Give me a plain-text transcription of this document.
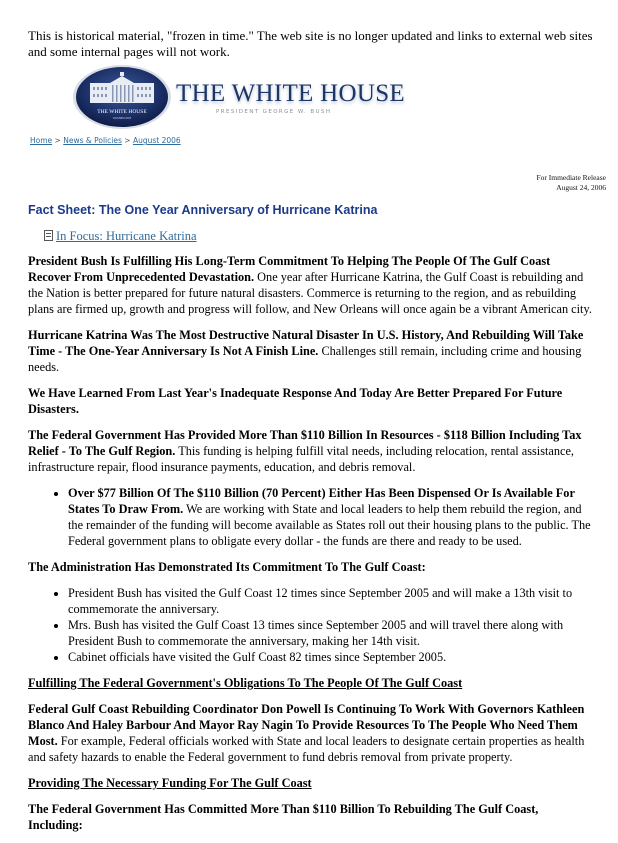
This is historical material, "frozen in time." The web site is no longer updated and links to external web sites and some internal pages will not work.
THE WHITE HOUSE
WASHINGTON
THE WHITE HOUSE
PRESIDENT GEORGE W. BUSH
Home > News & Policies > August 2006
For Immediate Release
August 24, 2006
Fact Sheet: The One Year Anniversary of Hurricane Katrina
In Focus: Hurricane Katrina

President Bush Is Fulfilling His Long-Term Commitment To Helping The People Of The Gulf Coast Recover From Unprecedented Devastation. One year after Hurricane Katrina, the Gulf Coast is rebuilding and the Nation is better prepared for future natural disasters. Commerce is returning to the region, and as rebuilding plans are firmed up, growth and progress will follow, and New Orleans will once again be a vibrant American city.

Hurricane Katrina Was The Most Destructive Natural Disaster In U.S. History, And Rebuilding Will Take Time - The One-Year Anniversary Is Not A Finish Line. Challenges still remain, including crime and housing needs.

We Have Learned From Last Year's Inadequate Response And Today Are Better Prepared For Future Disasters.

The Federal Government Has Provided More Than $110 Billion In Resources - $118 Billion Including Tax Relief - To The Gulf Region. This funding is helping fulfill vital needs, including relocation, rental assistance, infrastructure repair, flood insurance payments, education, and debris removal.

• Over $77 Billion Of The $110 Billion (70 Percent) Either Has Been Dispensed Or Is Available For States To Draw From. We are working with State and local leaders to help them rebuild the region, and the remainder of the funding will become available as States roll out their housing plans to the public. The Federal government plans to obligate every dollar - the funds are there and ready to be used.

The Administration Has Demonstrated Its Commitment To The Gulf Coast:

• President Bush has visited the Gulf Coast 12 times since September 2005 and will make a 13th visit to commemorate the anniversary.
• Mrs. Bush has visited the Gulf Coast 13 times since September 2005 and will travel there along with President Bush to commemorate the anniversary, making her 14th visit.
• Cabinet officials have visited the Gulf Coast 82 times since September 2005.

Fulfilling The Federal Government's Obligations To The People Of The Gulf Coast

Federal Gulf Coast Rebuilding Coordinator Don Powell Is Continuing To Work With Governors Kathleen Blanco And Haley Barbour And Mayor Ray Nagin To Provide Resources To The People Who Need Them Most. For example, Federal officials worked with State and local leaders to designate certain properties as health and safety hazards to enable the Federal government to fund debris removal from private property.

Providing The Necessary Funding For The Gulf Coast

The Federal Government Has Committed More Than $110 Billion To Rebuilding The Gulf Coast, Including:
